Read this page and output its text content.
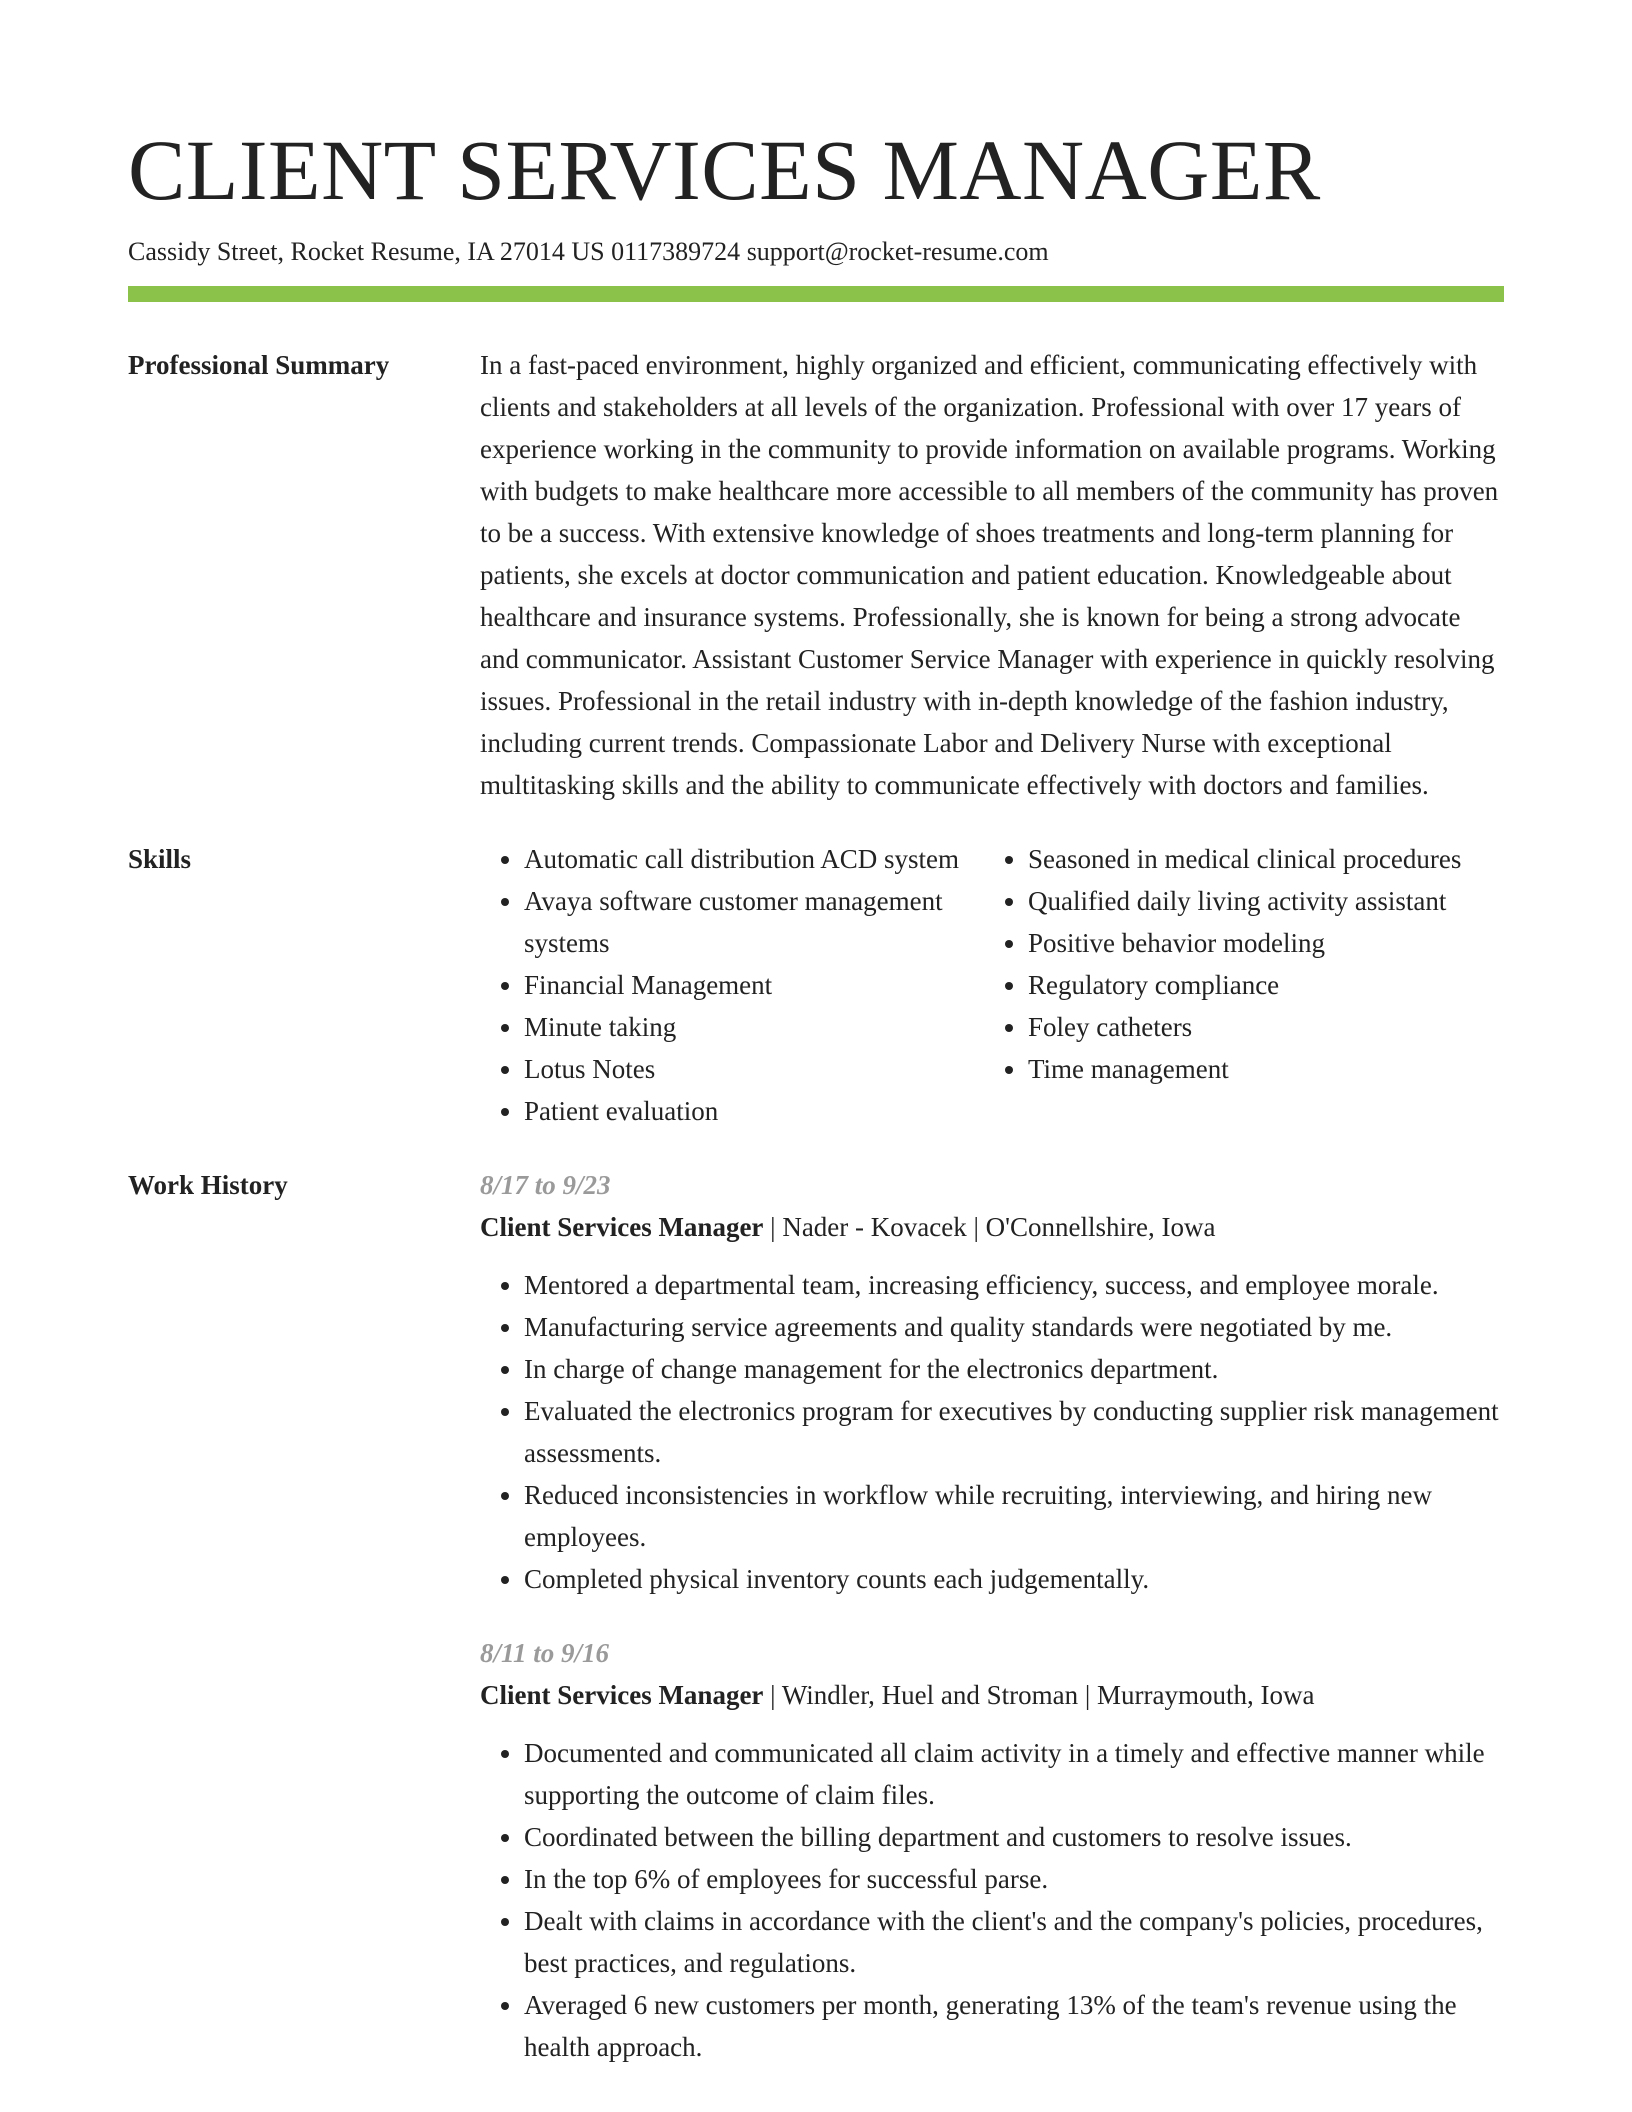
CLIENT SERVICES MANAGER
Cassidy Street, Rocket Resume, IA 27014 US 0117389724 support@rocket-resume.com
Professional Summary	In a fast-paced environment, highly organized and efficient, communicating effectively with clients and stakeholders at all levels of the organization. Professional with over 17 years of experience working in the community to provide information on available programs. Working with budgets to make healthcare more accessible to all members of the community has proven to be a success. With extensive knowledge of shoes treatments and long-term planning for patients, she excels at doctor communication and patient education. Knowledgeable about healthcare and insurance systems. Professionally, she is known for being a strong advocate and communicator. Assistant Customer Service Manager with experience in quickly resolving issues. Professional in the retail industry with in-depth knowledge of the fashion industry, including current trends. Compassionate Labor and Delivery Nurse with exceptional multitasking skills and the ability to communicate effectively with doctors and families.

Skills
•	Automatic call distribution ACD system
• Avaya software customer management systems
• Financial Management
• Minute taking
• Lotus Notes
• Patient evaluation
• Seasoned in medical clinical procedures
• Qualified daily living activity assistant
• Positive behavior modeling
• Regulatory compliance
• Foley catheters
• Time management
Work History	8/17 to 9/23
Client Services Manager | Nader - Kovacek | O'Connellshire, Iowa
• Mentored a departmental team, increasing efficiency, success, and employee morale.
• Manufacturing service agreements and quality standards were negotiated by me.
• In charge of change management for the electronics department.
• Evaluated the electronics program for executives by conducting supplier risk management assessments.
• Reduced inconsistencies in workflow while recruiting, interviewing, and hiring new employees.
• Completed physical inventory counts each judgementally.
8/11 to 9/16
Client Services Manager | Windler, Huel and Stroman | Murraymouth, Iowa
• Documented and communicated all claim activity in a timely and effective manner while supporting the outcome of claim files.
• Coordinated between the billing department and customers to resolve issues.
• In the top 6% of employees for successful parse.
• Dealt with claims in accordance with the client's and the company's policies, procedures, best practices, and regulations.
• Averaged 6 new customers per month, generating 13% of the team's revenue using the health approach.
